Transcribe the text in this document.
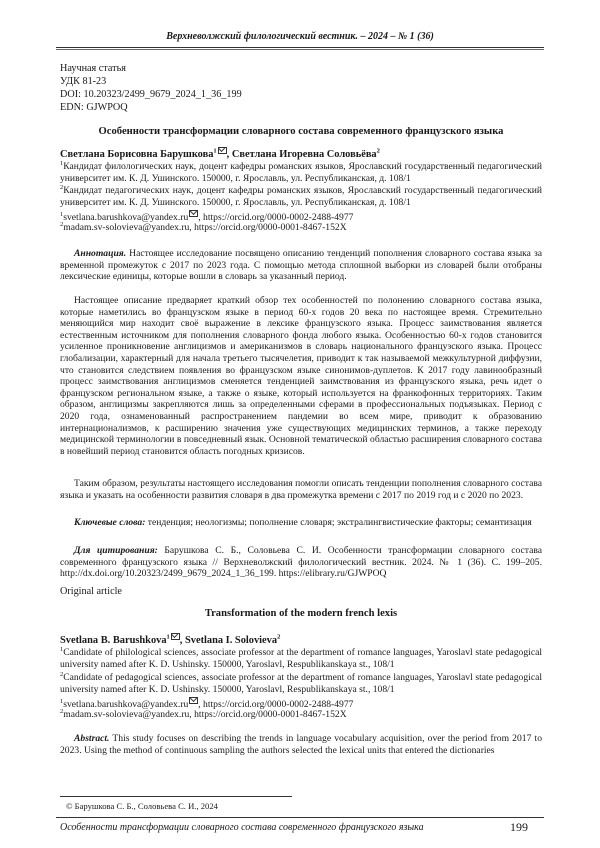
Верхневолжский филологический вестник. – 2024 – № 1 (36)
Научная статья
УДК 81-23
DOI: 10.20323/2499_9679_2024_1_36_199
EDN: GJWPOQ
Особенности трансформации словарного состава современного французского языка
Светлана Борисовна Барушкова$^1$ , Светлана Игоревна Соловьёва$^2$
$^1$Кандидат филологических наук, доцент кафедры романских языков, Ярославский государственный педагогический университет им. К. Д. Ушинского. 150000, г. Ярославль, ул. Республиканская, д. 108/1
$^2$Кандидат педагогических наук, доцент кафедры романских языков, Ярославский государственный педагогический университет им. К. Д. Ушинского. 150000, г. Ярославль, ул. Республиканская, д. 108/1
$^1$svetlana.barushkova@yandex.ru , https://orcid.org/0000-0002-2488-4977
$^2$madam.sv-solovieva@yandex.ru, https://orcid.org/0000-0001-8467-152X
Аннотация. Настоящее исследование посвящено описанию тенденций пополнения словарного состава языка за временной промежуток с 2017 по 2023 года. С помощью метода сплошной выборки из словарей были отобраны лексические единицы, которые вошли в словарь за указанный период.
Настоящее описание предваряет краткий обзор тех особенностей по полонению словарного состава языка, которые наметились во французском языке в период 60-х годов 20 века по настоящее время. Стремительно меняющийся мир находит своё выражение в лексике французского языка. Процесс заимствования является естественным источником для пополнения словарного фонда любого языка. Особенностью 60-х годов становится усиленное проникновение англицизмов и американизмов в словарь национального французского языка. Процесс глобализации, характерный для начала третьего тысячелетия, приводит к так называемой межкультурной диффузии, что становится следствием появления во французском языке синонимов-дуплетов. К 2017 году лавинообразный процесс заимствования англицизмов сменяется тенденцией заимствования из французского языка, речь идет о французском региональном языке, а также о языке, который используется на франкофонных территориях. Таким образом, англицизмы закрепляются лишь за определенными сферами в профессиональных подъязыках. Период с 2020 года, ознаменованный распространением пандемии во всем мире, приводит к образованию интернационализмов, к расширению значения уже существующих медицинских терминов, а также переходу медицинской терминологии в повседневный язык. Основной тематической областью расширения словарного состава в новейший период становится область погодных кризисов.
Таким образом, результаты настоящего исследования помогли описать тенденции пополнения словарного состава языка и указать на особенности развития словаря в два промежутка времени с 2017 по 2019 год и с 2020 по 2023.
Ключевые слова: тенденция; неологизмы; пополнение словаря; экстралингвистические факторы; семантизация
Для цитирования: Барушкова С. Б., Соловьева С. И. Особенности трансформации словарного состава современного французского языка // Верхневолжский филологический вестник. 2024. № 1 (36). С. 199–205. http://dx.doi.org/10.20323/2499_9679_2024_1_36_199. https://elibrary.ru/GJWPOQ
Original article
Transformation of the modern french lexis
Svetlana B. Barushkova$^1$ , Svetlana I. Solovieva$^2$
$^1$Candidate of philological sciences, associate professor at the department of romance languages, Yaroslavl state pedagogical university named after K. D. Ushinsky. 150000, Yaroslavl, Respublikanskaya st., 108/1
$^2$Candidate of pedagogical sciences, associate professor at the department of romance languages, Yaroslavl state pedagogical university named after K. D. Ushinsky. 150000, Yaroslavl, Respublikanskaya st., 108/1
$^1$svetlana.barushkova@yandex.ru , https://orcid.org/0000-0002-2488-4977
$^2$madam.sv-solovieva@yandex.ru, https://orcid.org/0000-0001-8467-152X
Abstract. This study focuses on describing the trends in language vocabulary acquisition, over the period from 2017 to 2023. Using the method of continuous sampling the authors selected the lexical units that entered the dictionaries
© Барушкова С. Б., Соловьева С. И., 2024
Особенности трансформации словарного состава современного французского языка	199
